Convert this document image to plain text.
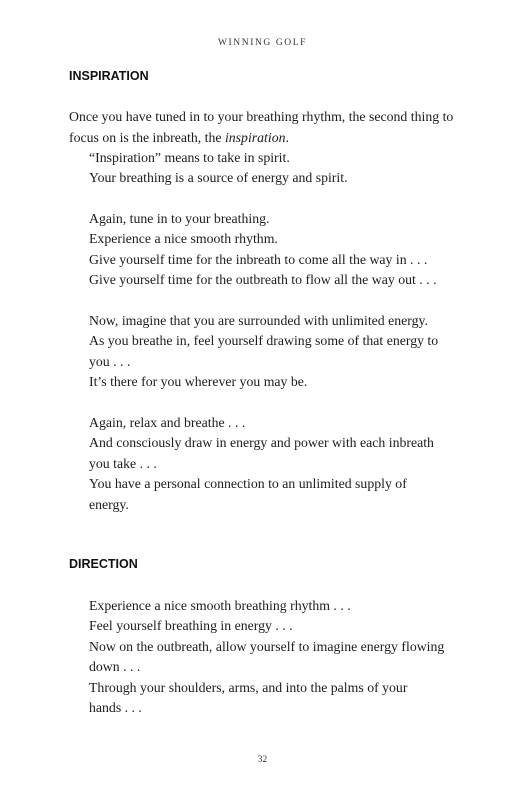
WINNING GOLF
INSPIRATION
Once you have tuned in to your breathing rhythm, the second thing to
focus on is the inbreath, the inspiration.
“Inspiration” means to take in spirit.
Your breathing is a source of energy and spirit.
Again, tune in to your breathing.
Experience a nice smooth rhythm.
Give yourself time for the inbreath to come all the way in . . .
Give yourself time for the outbreath to flow all the way out . . .
Now, imagine that you are surrounded with unlimited energy.
As you breathe in, feel yourself drawing some of that energy to
you . . .
It’s there for you wherever you may be.
Again, relax and breathe . . .
And consciously draw in energy and power with each inbreath
you take . . .
You have a personal connection to an unlimited supply of
energy.
DIRECTION
Experience a nice smooth breathing rhythm . . .
Feel yourself breathing in energy . . .
Now on the outbreath, allow yourself to imagine energy flowing
down . . .
Through your shoulders, arms, and into the palms of your
hands . . .
32
